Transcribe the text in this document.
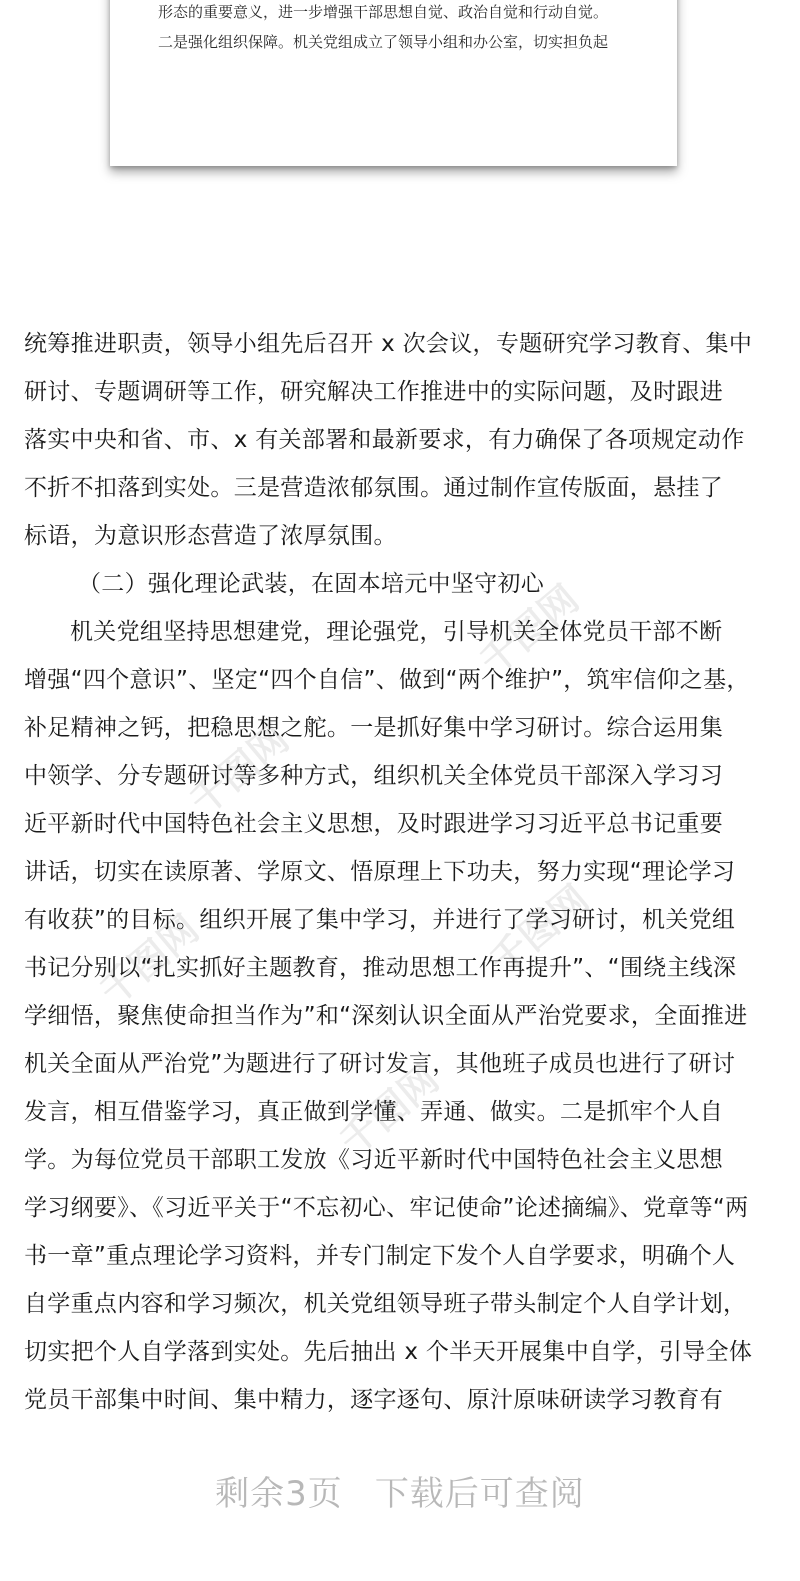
形态的重要意义，进一步增强干部思想自觉、政治自觉和行动自觉。
二是强化组织保障。机关党组成立了领导小组和办公室，切实担负起
千图网
千图网
千图网	千图网
千图网
统筹推进职责，领导小组先后召开 x 次会议，专题研究学习教育、集中
研讨、专题调研等工作，研究解决工作推进中的实际问题，及时跟进
落实中央和省、市、x 有关部署和最新要求，有力确保了各项规定动作
不折不扣落到实处。三是营造浓郁氛围。通过制作宣传版面，悬挂了
标语，为意识形态营造了浓厚氛围。
（二）强化理论武装，在固本培元中坚守初心
机关党组坚持思想建党，理论强党，引导机关全体党员干部不断
增强“四个意识”、坚定“四个自信”、做到“两个维护”，筑牢信仰之基，
补足精神之钙，把稳思想之舵。一是抓好集中学习研讨。综合运用集
中领学、分专题研讨等多种方式，组织机关全体党员干部深入学习习
近平新时代中国特色社会主义思想，及时跟进学习习近平总书记重要
讲话，切实在读原著、学原文、悟原理上下功夫，努力实现“理论学习
有收获”的目标。组织开展了集中学习，并进行了学习研讨，机关党组
书记分别以“扎实抓好主题教育，推动思想工作再提升”、“围绕主线深
学细悟，聚焦使命担当作为”和“深刻认识全面从严治党要求，全面推进
机关全面从严治党”为题进行了研讨发言，其他班子成员也进行了研讨
发言，相互借鉴学习，真正做到学懂、弄通、做实。二是抓牢个人自
学。为每位党员干部职工发放《习近平新时代中国特色社会主义思想
学习纲要》、《习近平关于“不忘初心、牢记使命”论述摘编》、党章等“两
书一章”重点理论学习资料，并专门制定下发个人自学要求，明确个人
自学重点内容和学习频次，机关党组领导班子带头制定个人自学计划，
切实把个人自学落到实处。先后抽出 x 个半天开展集中自学，引导全体
党员干部集中时间、集中精力，逐字逐句、原汁原味研读学习教育有
剩余3页 下载后可查阅
